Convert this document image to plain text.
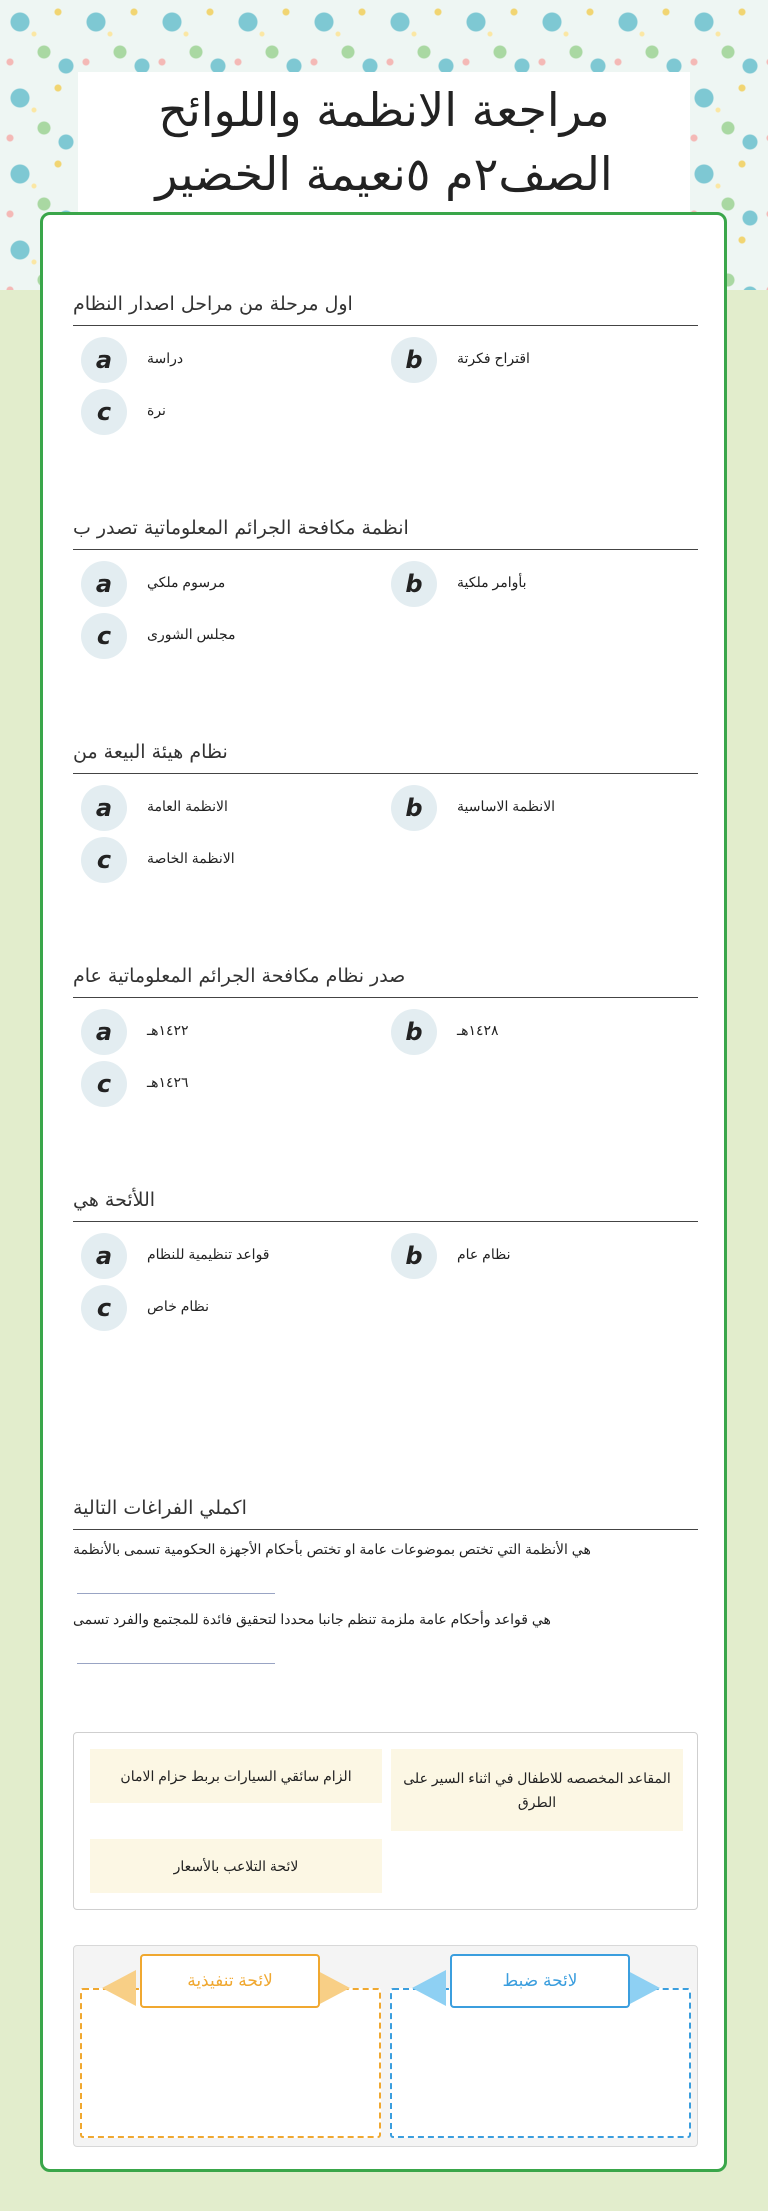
مراجعة الانظمة واللوائح
الصف٢م ٥نعيمة الخضير
اول مرحلة من مراحل اصدار النظام
a	دراسة	b	اقتراح فكرتة
c	نرة
انظمة مكافحة الجرائم المعلوماتية تصدر ب
a	مرسوم ملكي	b	بأوامر ملكية
c	مجلس الشورى
نظام هيئة البيعة من
a	الانظمة العامة	b	الانظمة الاساسية
c	الانظمة الخاصة
صدر نظام مكافحة الجرائم المعلوماتية عام
a	١٤٢٢هـ	b	١٤٢٨هـ
c	١٤٢٦هـ
اللأئحة هي
a	قواعد تنظيمية للنظام	b	نظام عام
c	نظام خاص
اكملي الفراغات التالية
هي الأنظمة التي تختص بموضوعات عامة او تختص بأحكام الأجهزة الحكومية تسمى بالأنظمة
هي قواعد وأحكام عامة ملزمة تنظم جانبا محددا لتحقيق فائدة للمجتمع والفرد تسمى
المقاعد المخصصه للاطفال في اثناء السير على الطرق
الزام سائقي السيارات بربط حزام الامان
لائحة التلاعب بالأسعار
لائحة تنفيذية	لائحة ضبط
